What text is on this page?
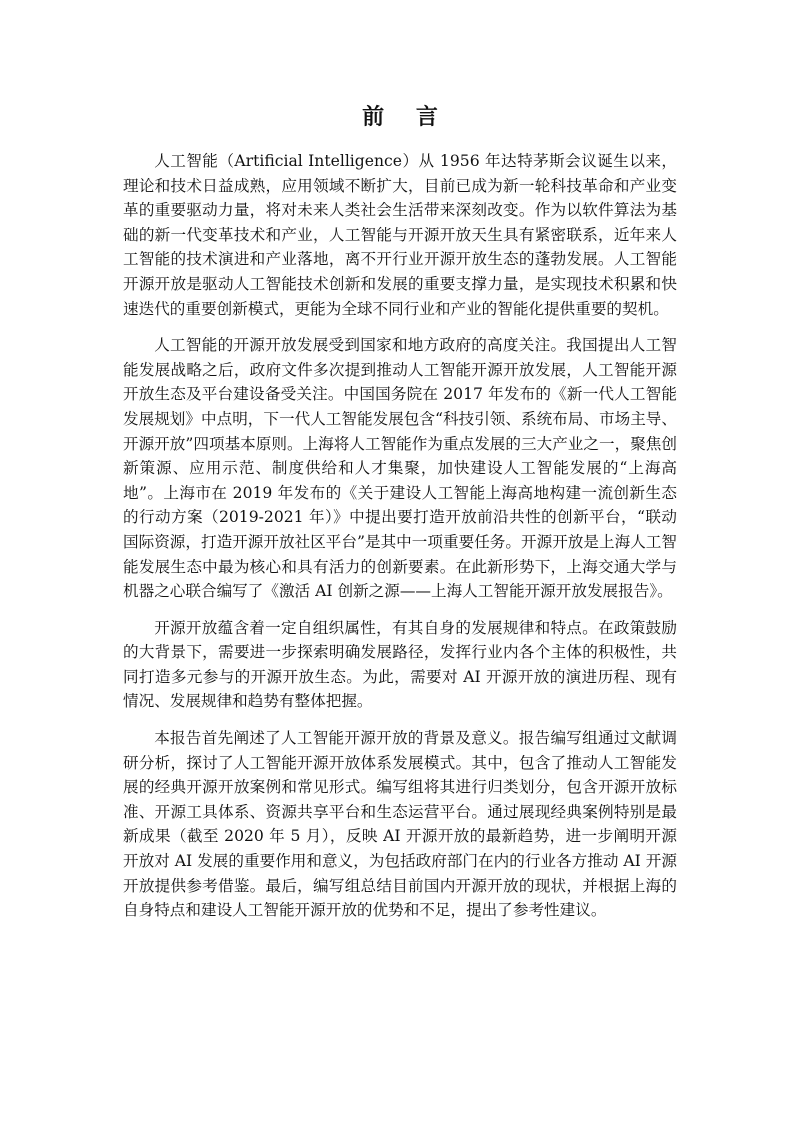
前 言

人工智能（Artificial Intelligence）从 1956 年达特茅斯会议诞生以来，理论和技术日益成熟，应用领域不断扩大，目前已成为新一轮科技革命和产业变革的重要驱动力量，将对未来人类社会生活带来深刻改变。作为以软件算法为基础的新一代变革技术和产业，人工智能与开源开放天生具有紧密联系，近年来人工智能的技术演进和产业落地，离不开行业开源开放生态的蓬勃发展。人工智能开源开放是驱动人工智能技术创新和发展的重要支撑力量，是实现技术积累和快速迭代的重要创新模式，更能为全球不同行业和产业的智能化提供重要的契机。

人工智能的开源开放发展受到国家和地方政府的高度关注。我国提出人工智能发展战略之后，政府文件多次提到推动人工智能开源开放发展，人工智能开源开放生态及平台建设备受关注。中国国务院在 2017 年发布的《新一代人工智能发展规划》中点明，下一代人工智能发展包含“科技引领、系统布局、市场主导、开源开放”四项基本原则。上海将人工智能作为重点发展的三大产业之一，聚焦创新策源、应用示范、制度供给和人才集聚，加快建设人工智能发展的“上海高地”。上海市在 2019 年发布的《关于建设人工智能上海高地构建一流创新生态的行动方案（2019-2021 年）》中提出要打造开放前沿共性的创新平台，“联动国际资源，打造开源开放社区平台”是其中一项重要任务。开源开放是上海人工智能发展生态中最为核心和具有活力的创新要素。在此新形势下，上海交通大学与机器之心联合编写了《激活 AI 创新之源——上海人工智能开源开放发展报告》。

开源开放蕴含着一定自组织属性，有其自身的发展规律和特点。在政策鼓励的大背景下，需要进一步探索明确发展路径，发挥行业内各个主体的积极性，共同打造多元参与的开源开放生态。为此，需要对 AI 开源开放的演进历程、现有情况、发展规律和趋势有整体把握。

本报告首先阐述了人工智能开源开放的背景及意义。报告编写组通过文献调研分析，探讨了人工智能开源开放体系发展模式。其中，包含了推动人工智能发展的经典开源开放案例和常见形式。编写组将其进行归类划分，包含开源开放标准、开源工具体系、资源共享平台和生态运营平台。通过展现经典案例特别是最新成果（截至 2020 年 5 月），反映 AI 开源开放的最新趋势，进一步阐明开源开放对 AI 发展的重要作用和意义，为包括政府部门在内的行业各方推动 AI 开源开放提供参考借鉴。最后，编写组总结目前国内开源开放的现状，并根据上海的自身特点和建设人工智能开源开放的优势和不足，提出了参考性建议。
